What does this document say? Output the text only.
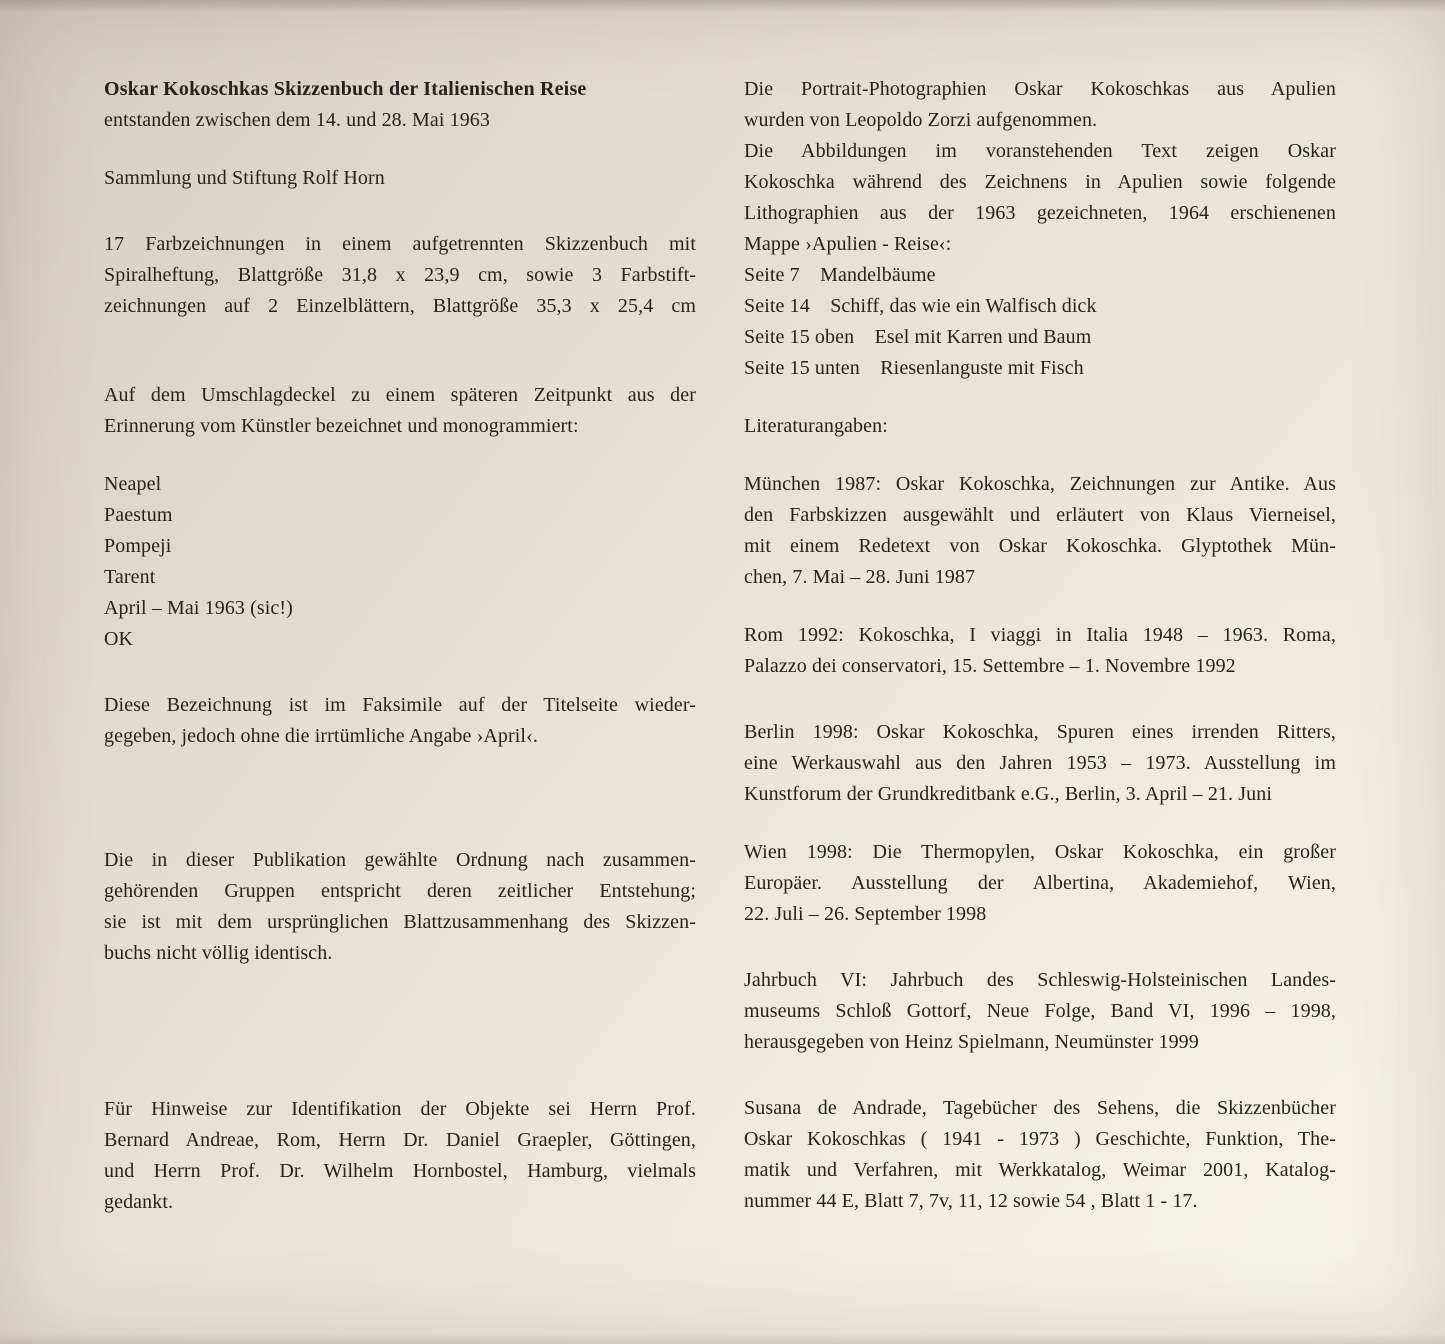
Oskar Kokoschkas Skizzenbuch der Italienischen Reise
entstanden zwischen dem 14. und 28. Mai 1963
Sammlung und Stiftung Rolf Horn
17 Farbzeichnungen in einem aufgetrennten Skizzenbuch mit
Spiralheftung, Blattgröße 31,8 x 23,9 cm, sowie 3 Farbstift-
zeichnungen auf 2 Einzelblättern, Blattgröße 35,3 x 25,4 cm
Auf dem Umschlagdeckel zu einem späteren Zeitpunkt aus der
Erinnerung vom Künstler bezeichnet und monogrammiert:
Neapel
Paestum
Pompeji
Tarent
April – Mai 1963 (sic!)
OK
Diese Bezeichnung ist im Faksimile auf der Titelseite wieder-
gegeben, jedoch ohne die irrtümliche Angabe ›April‹.
Die in dieser Publikation gewählte Ordnung nach zusammen-
gehörenden Gruppen entspricht deren zeitlicher Entstehung;
sie ist mit dem ursprünglichen Blattzusammenhang des Skizzen-
buchs nicht völlig identisch.
Für Hinweise zur Identifikation der Objekte sei Herrn Prof.
Bernard Andreae, Rom, Herrn Dr. Daniel Graepler, Göttingen,
und Herrn Prof. Dr. Wilhelm Hornbostel, Hamburg, vielmals
gedankt.
Die Portrait-Photographien Oskar Kokoschkas aus Apulien
wurden von Leopoldo Zorzi aufgenommen.
Die Abbildungen im voranstehenden Text zeigen Oskar
Kokoschka während des Zeichnens in Apulien sowie folgende
Lithographien aus der 1963 gezeichneten, 1964 erschienenen
Mappe ›Apulien - Reise‹:
Seite 7    Mandelbäume
Seite 14    Schiff, das wie ein Walfisch dick
Seite 15 oben    Esel mit Karren und Baum
Seite 15 unten    Riesenlanguste mit Fisch
Literaturangaben:
München 1987: Oskar Kokoschka, Zeichnungen zur Antike. Aus
den Farbskizzen ausgewählt und erläutert von Klaus Vierneisel,
mit einem Redetext von Oskar Kokoschka. Glyptothek Mün-
chen, 7. Mai – 28. Juni 1987
Rom 1992: Kokoschka, I viaggi in Italia 1948 – 1963. Roma,
Palazzo dei conservatori, 15. Settembre – 1. Novembre 1992
Berlin 1998: Oskar Kokoschka, Spuren eines irrenden Ritters,
eine Werkauswahl aus den Jahren 1953 – 1973. Ausstellung im
Kunstforum der Grundkreditbank e.G., Berlin, 3. April – 21. Juni
Wien 1998: Die Thermopylen, Oskar Kokoschka, ein großer
Europäer. Ausstellung der Albertina, Akademiehof, Wien,
22. Juli – 26. September 1998
Jahrbuch VI: Jahrbuch des Schleswig-Holsteinischen Landes-
museums Schloß Gottorf, Neue Folge, Band VI, 1996 – 1998,
herausgegeben von Heinz Spielmann, Neumünster 1999
Susana de Andrade, Tagebücher des Sehens, die Skizzenbücher
Oskar Kokoschkas ( 1941 - 1973 ) Geschichte, Funktion, The-
matik und Verfahren, mit Werkkatalog, Weimar 2001, Katalog-
nummer 44 E, Blatt 7, 7v, 11, 12 sowie 54 , Blatt 1 - 17.
